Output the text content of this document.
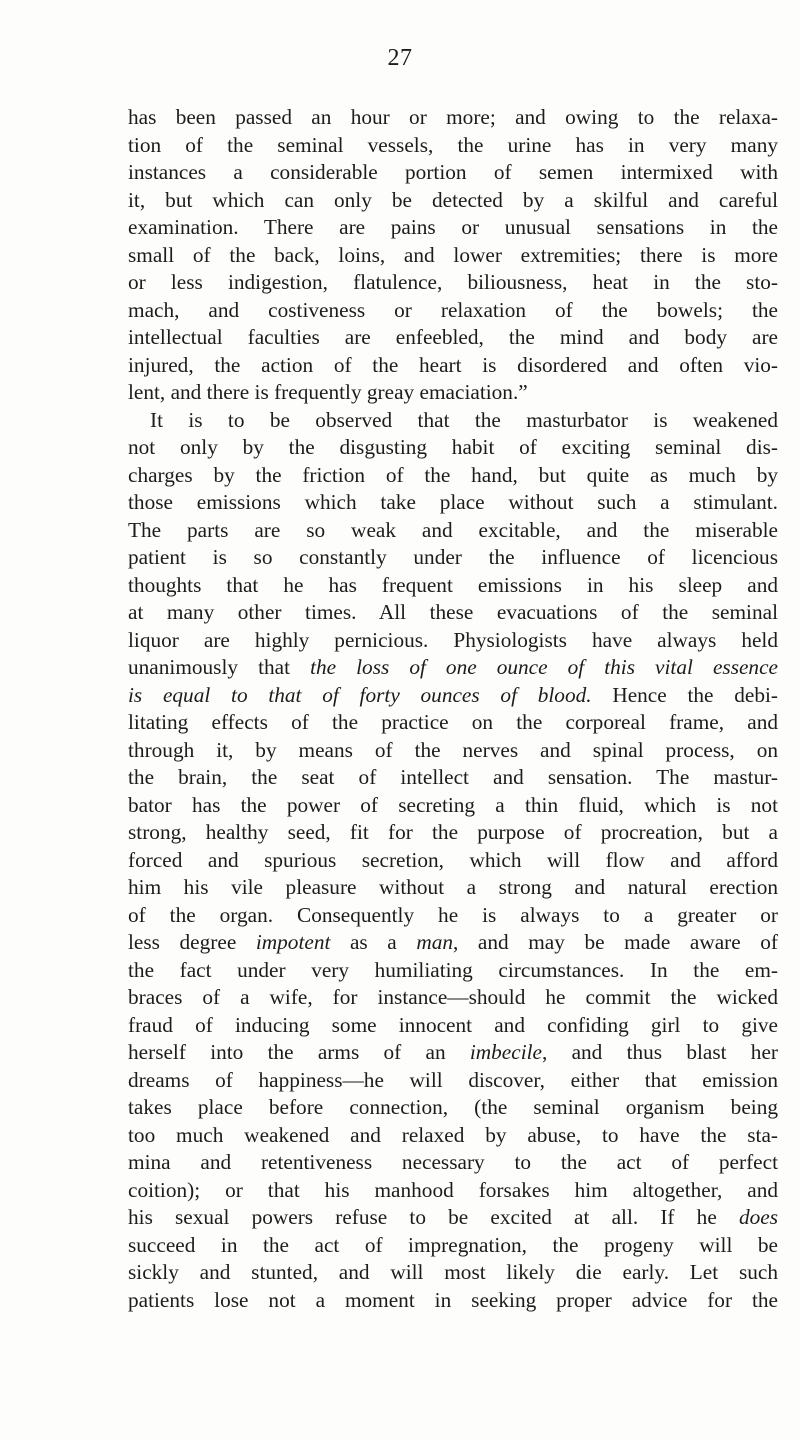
27
has been passed an hour or more; and owing to the relaxa-
tion of the seminal vessels, the urine has in very many
instances a considerable portion of semen intermixed with
it, but which can only be detected by a skilful and careful
examination. There are pains or unusual sensations in the
small of the back, loins, and lower extremities; there is more
or less indigestion, flatulence, biliousness, heat in the sto-
mach, and costiveness or relaxation of the bowels; the
intellectual faculties are enfeebled, the mind and body are
injured, the action of the heart is disordered and often vio-
lent, and there is frequently greay emaciation.”
It is to be observed that the masturbator is weakened
not only by the disgusting habit of exciting seminal dis-
charges by the friction of the hand, but quite as much by
those emissions which take place without such a stimulant.
The parts are so weak and excitable, and the miserable
patient is so constantly under the influence of licencious
thoughts that he has frequent emissions in his sleep and
at many other times. All these evacuations of the seminal
liquor are highly pernicious. Physiologists have always held
unanimously that the loss of one ounce of this vital essence
is equal to that of forty ounces of blood. Hence the debi-
litating effects of the practice on the corporeal frame, and
through it, by means of the nerves and spinal process, on
the brain, the seat of intellect and sensation. The mastur-
bator has the power of secreting a thin fluid, which is not
strong, healthy seed, fit for the purpose of procreation, but a
forced and spurious secretion, which will flow and afford
him his vile pleasure without a strong and natural erection
of the organ. Consequently he is always to a greater or
less degree impotent as a man, and may be made aware of
the fact under very humiliating circumstances. In the em-
braces of a wife, for instance—should he commit the wicked
fraud of inducing some innocent and confiding girl to give
herself into the arms of an imbecile, and thus blast her
dreams of happiness—he will discover, either that emission
takes place before connection, (the seminal organism being
too much weakened and relaxed by abuse, to have the sta-
mina and retentiveness necessary to the act of perfect
coition); or that his manhood forsakes him altogether, and
his sexual powers refuse to be excited at all. If he does
succeed in the act of impregnation, the progeny will be
sickly and stunted, and will most likely die early. Let such
patients lose not a moment in seeking proper advice for the
